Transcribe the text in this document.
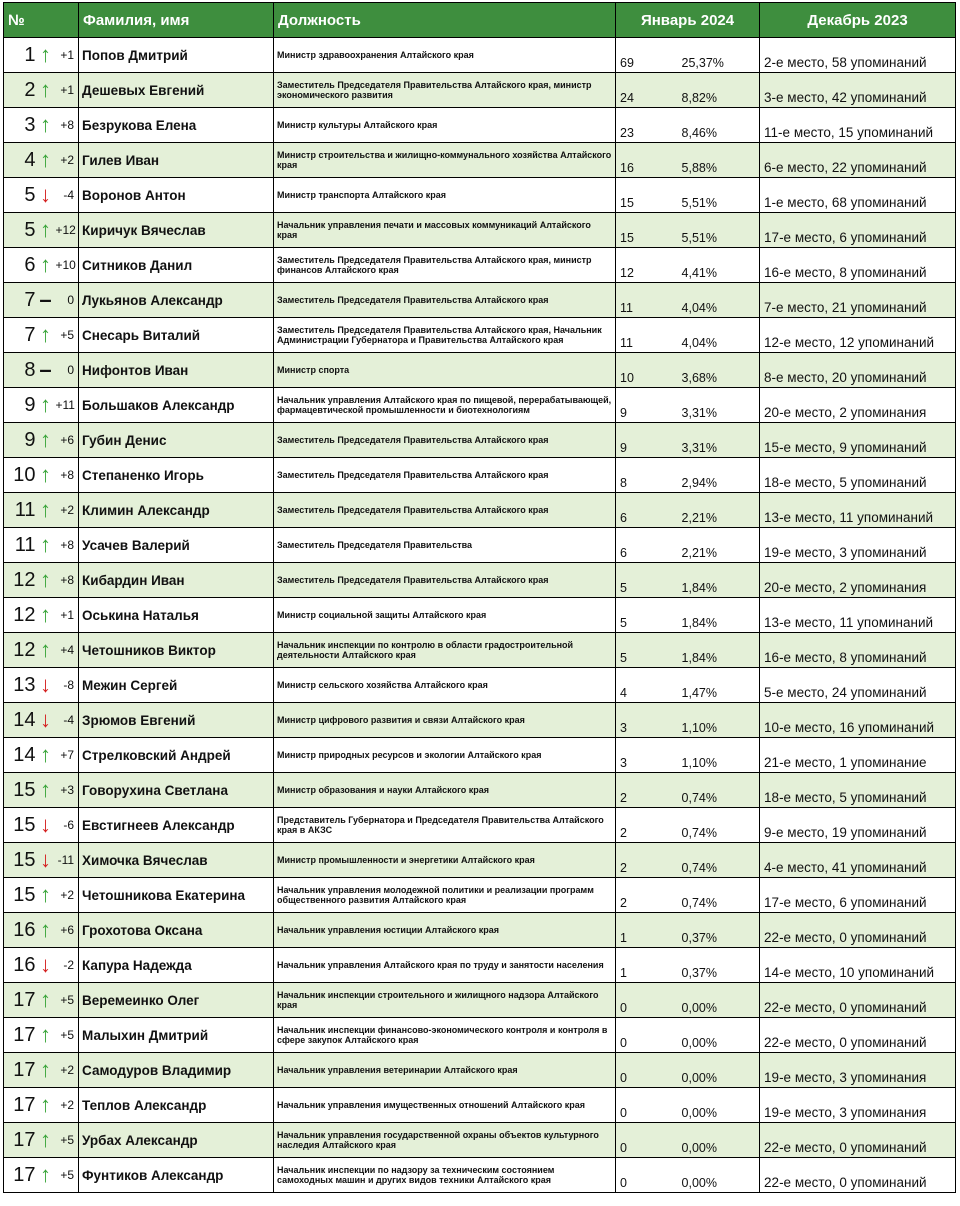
№			Фамилия, имя	Должность	Январь 2024		Декабрь 2023
1	↑	+1	Попов Дмитрий	Министр здравоохранения Алтайского края	69	25,37%	2-е место, 58 упоминаний
2	↑	+1	Дешевых Евгений	Заместитель Председателя Правительства Алтайского края, министр экономического развития	24	8,82%	3-е место, 42 упоминаний
3	↑	+8	Безрукова Елена	Министр культуры Алтайского края	23	8,46%	11-е место, 15 упоминаний
4	↑	+2	Гилев Иван	Министр строительства и жилищно-коммунального хозяйства Алтайского края	16	5,88%	6-е место, 22 упоминаний
5	↓	-4	Воронов Антон	Министр транспорта Алтайского края	15	5,51%	1-е место, 68 упоминаний
5	↑	+12	Киричук Вячеслав	Начальник управления печати и массовых коммуникаций Алтайского края	15	5,51%	17-е место, 6 упоминаний
6	↑	+10	Ситников Данил	Заместитель Председателя Правительства Алтайского края, министр финансов Алтайского края	12	4,41%	16-е место, 8 упоминаний
7	–	0	Лукьянов Александр	Заместитель Председателя Правительства Алтайского края	11	4,04%	7-е место, 21 упоминаний
7	↑	+5	Снесарь Виталий	Заместитель Председателя Правительства Алтайского края, Начальник Администрации Губернатора и Правительства Алтайского края	11	4,04%	12-е место, 12 упоминаний
8	–	0	Нифонтов Иван	Министр спорта	10	3,68%	8-е место, 20 упоминаний
9	↑	+11	Большаков Александр	Начальник управления Алтайского края по пищевой, перерабатывающей, фармацевтической промышленности и биотехнологиям	9	3,31%	20-е место, 2 упоминания
9	↑	+6	Губин Денис	Заместитель Председателя Правительства Алтайского края	9	3,31%	15-е место, 9 упоминаний
10	↑	+8	Степаненко Игорь	Заместитель Председателя Правительства Алтайского края	8	2,94%	18-е место, 5 упоминаний
11	↑	+2	Климин Александр	Заместитель Председателя Правительства Алтайского края	6	2,21%	13-е место, 11 упоминаний
11	↑	+8	Усачев Валерий	Заместитель Председателя Правительства	6	2,21%	19-е место, 3 упоминаний
12	↑	+8	Кибардин Иван	Заместитель Председателя Правительства Алтайского края	5	1,84%	20-е место, 2 упоминания
12	↑	+1	Оськина Наталья	Министр социальной защиты Алтайского края	5	1,84%	13-е место, 11 упоминаний
12	↑	+4	Четошников Виктор	Начальник инспекции по контролю в области градостроительной деятельности Алтайского края	5	1,84%	16-е место, 8 упоминаний
13	↓	-8	Межин Сергей	Министр сельского хозяйства Алтайского края	4	1,47%	5-е место, 24 упоминаний
14	↓	-4	Зрюмов Евгений	Министр цифрового развития и связи Алтайского края	3	1,10%	10-е место, 16 упоминаний
14	↑	+7	Стрелковский Андрей	Министр природных ресурсов и экологии Алтайского края	3	1,10%	21-е место, 1 упоминание
15	↑	+3	Говорухина Светлана	Министр образования и науки Алтайского края	2	0,74%	18-е место, 5 упоминаний
15	↓	-6	Евстигнеев Александр	Представитель Губернатора и Председателя Правительства Алтайского края в АКЗС	2	0,74%	9-е место, 19 упоминаний
15	↓	-11	Химочка Вячеслав	Министр промышленности и энергетики Алтайского края	2	0,74%	4-е место, 41 упоминаний
15	↑	+2	Четошникова Екатерина	Начальник управления молодежной политики и реализации программ общественного развития Алтайского края	2	0,74%	17-е место, 6 упоминаний
16	↑	+6	Грохотова Оксана	Начальник управления юстиции Алтайского края	1	0,37%	22-е место, 0 упоминаний
16	↓	-2	Капура Надежда	Начальник управления Алтайского края по труду и занятости населения	1	0,37%	14-е место, 10 упоминаний
17	↑	+5	Веремеинко Олег	Начальник инспекции строительного и жилищного надзора Алтайского края	0	0,00%	22-е место, 0 упоминаний
17	↑	+5	Малыхин Дмитрий	Начальник инспекции финансово-экономического контроля и контроля в сфере закупок Алтайского края	0	0,00%	22-е место, 0 упоминаний
17	↑	+2	Самодуров Владимир	Начальник управления ветеринарии Алтайского края	0	0,00%	19-е место, 3 упоминания
17	↑	+2	Теплов Александр	Начальник управления имущественных отношений Алтайского края	0	0,00%	19-е место, 3 упоминания
17	↑	+5	Урбах Александр	Начальник управления государственной охраны объектов культурного наследия Алтайского края	0	0,00%	22-е место, 0 упоминаний
17	↑	+5	Фунтиков Александр	Начальник инспекции по надзору за техническим состоянием самоходных машин и других видов техники Алтайского края	0	0,00%	22-е место, 0 упоминаний
